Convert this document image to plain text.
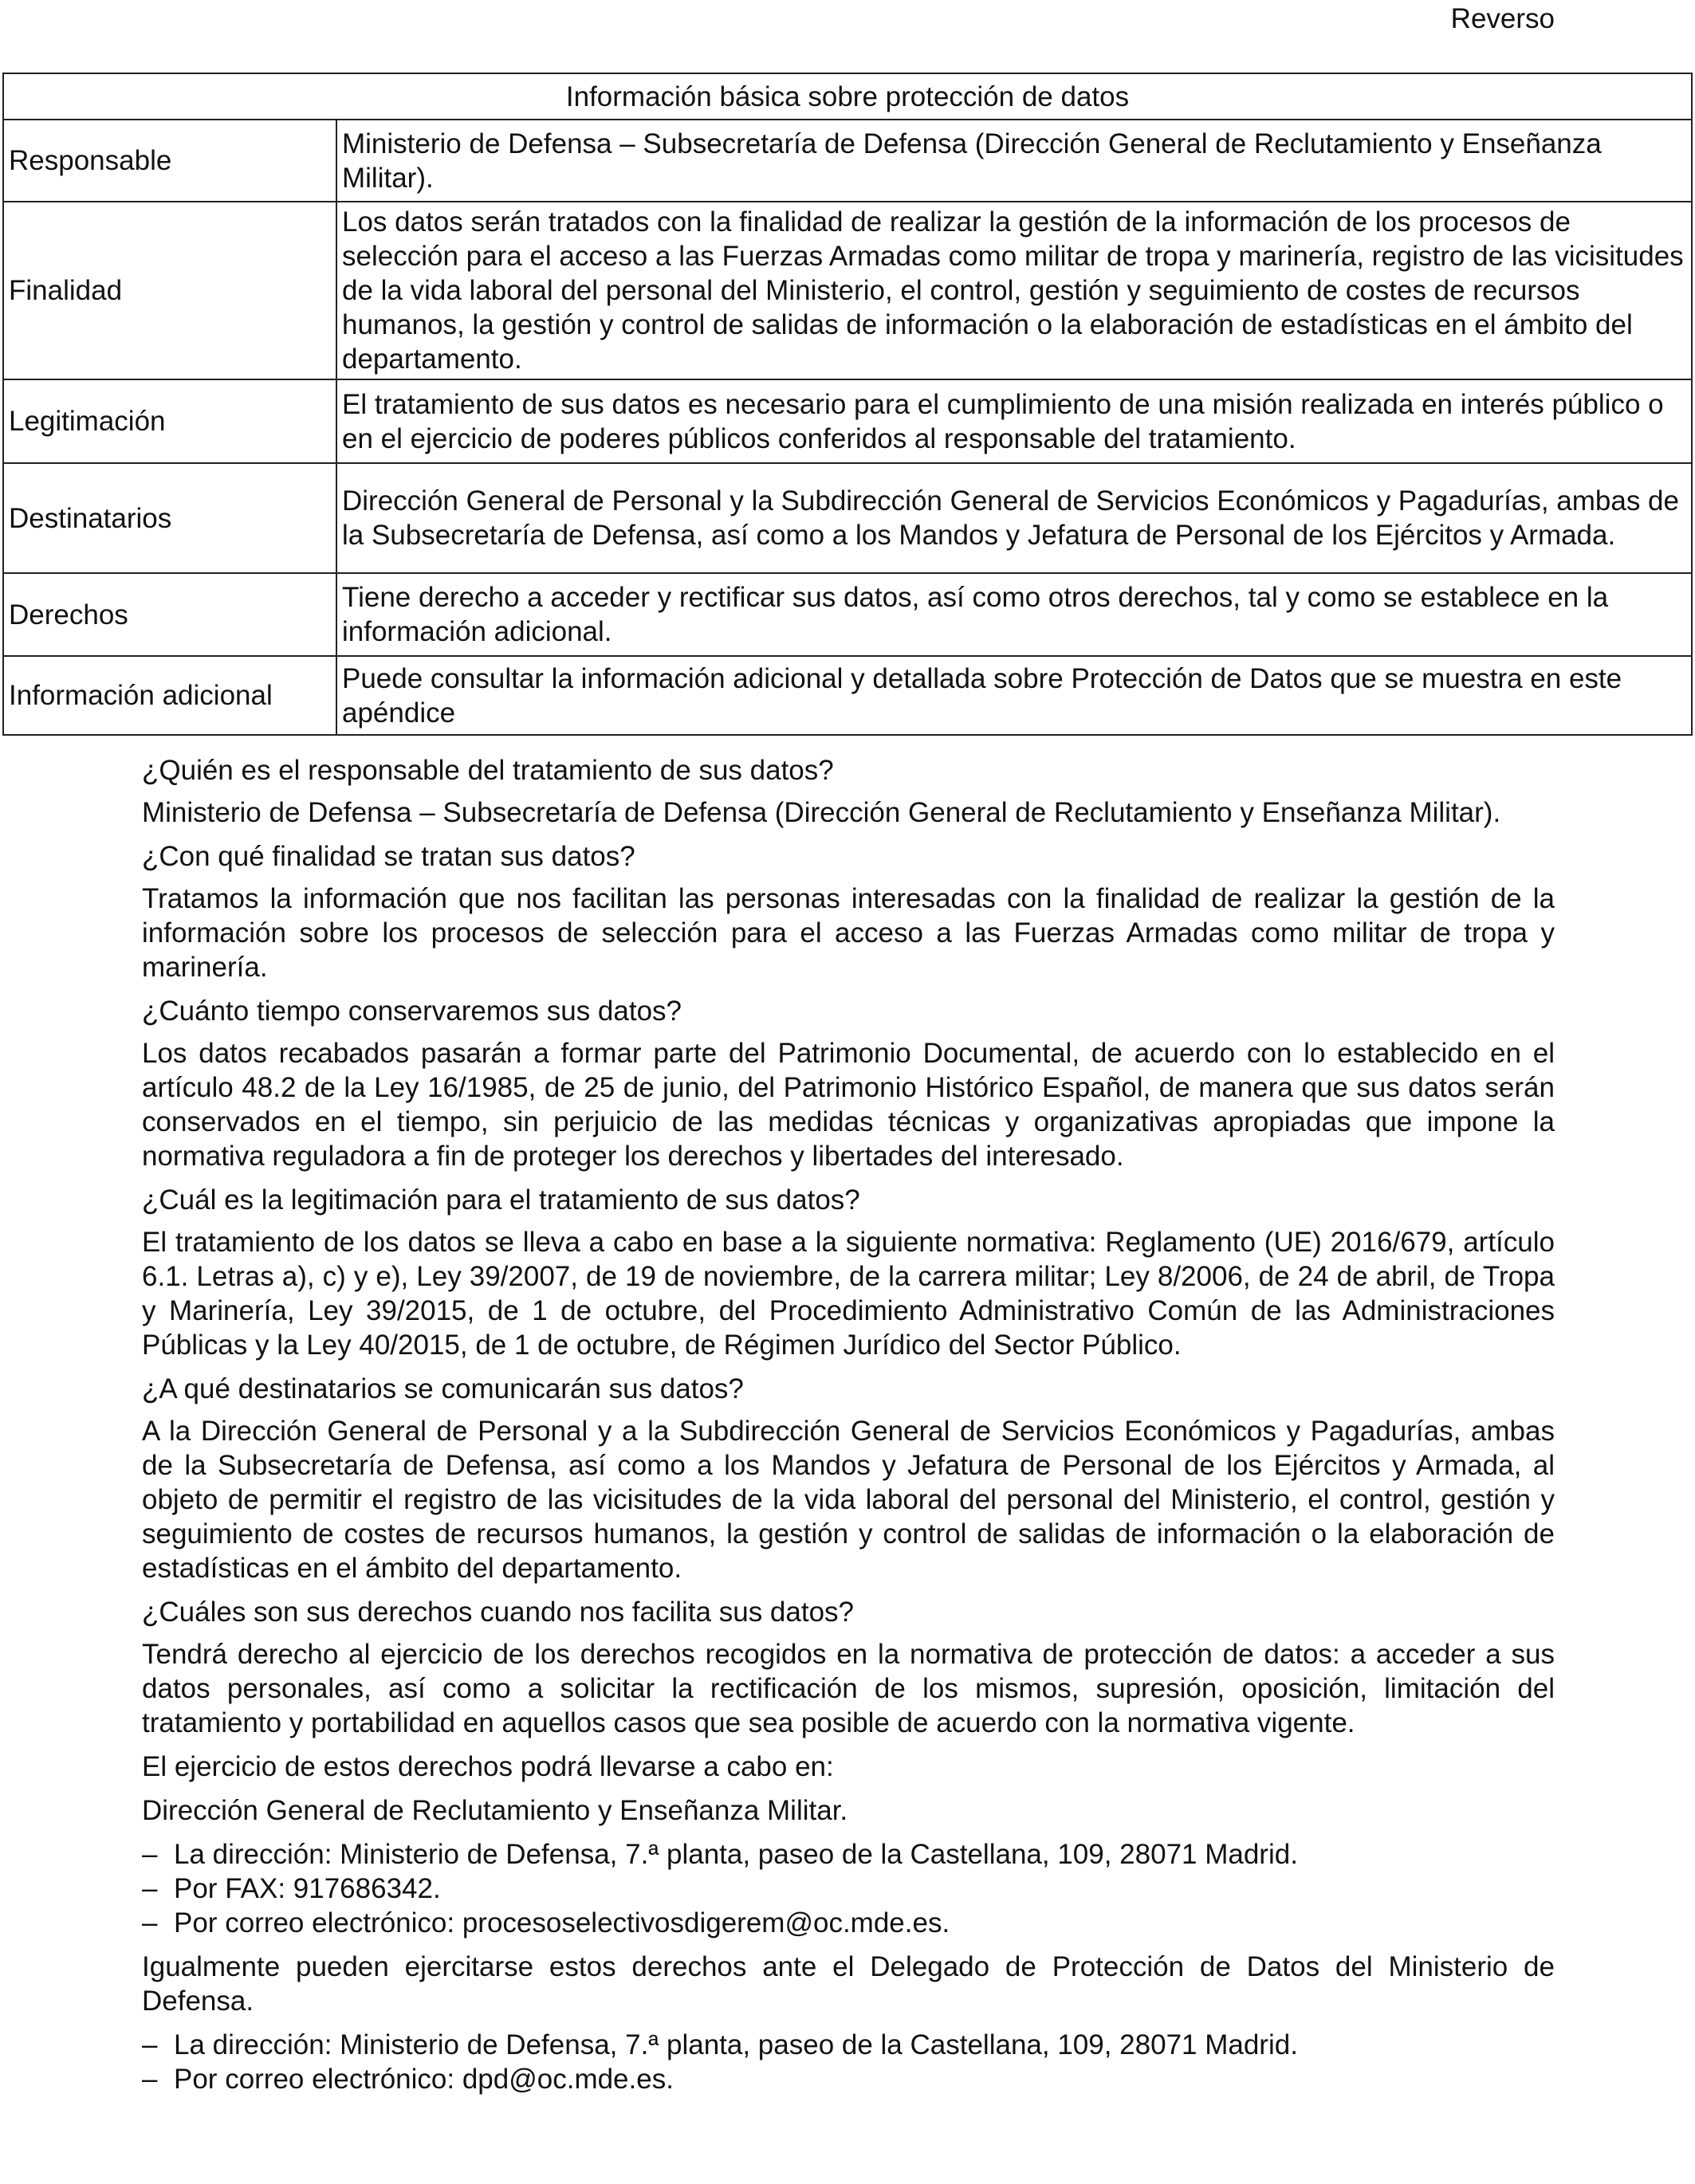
Reverso
Información básica sobre protección de datos	
Responsable	Ministerio de Defensa – Subsecretaría de Defensa (Dirección General de Reclutamiento y Enseñanza Militar).
Finalidad	Los datos serán tratados con la finalidad de realizar la gestión de la información de los procesos de selección para el acceso a las Fuerzas Armadas como militar de tropa y marinería, registro de las vicisitudes de la vida laboral del personal del Ministerio, el control, gestión y seguimiento de costes de recursos humanos, la gestión y control de salidas de información o la elaboración de estadísticas en el ámbito del departamento.
Legitimación	El tratamiento de sus datos es necesario para el cumplimiento de una misión realizada en interés público o en el ejercicio de poderes públicos conferidos al responsable del tratamiento.
Destinatarios	Dirección General de Personal y la Subdirección General de Servicios Económicos y Pagadurías, ambas de la Subsecretaría de Defensa, así como a los Mandos y Jefatura de Personal de los Ejércitos y Armada.
Derechos	Tiene derecho a acceder y rectificar sus datos, así como otros derechos, tal y como se establece en la información adicional.
Información adicional	Puede consultar la información adicional y detallada sobre Protección de Datos que se muestra en este apéndice

¿Quién es el responsable del tratamiento de sus datos?

Ministerio de Defensa – Subsecretaría de Defensa (Dirección General de Reclutamiento y Enseñanza Militar).

¿Con qué finalidad se tratan sus datos?

Tratamos la información que nos facilitan las personas interesadas con la finalidad de realizar la gestión de la información sobre los procesos de selección para el acceso a las Fuerzas Armadas como militar de tropa y marinería.

¿Cuánto tiempo conservaremos sus datos?

Los datos recabados pasarán a formar parte del Patrimonio Documental, de acuerdo con lo establecido en el artículo 48.2 de la Ley 16/1985, de 25 de junio, del Patrimonio Histórico Español, de manera que sus datos serán conservados en el tiempo, sin perjuicio de las medidas técnicas y organizativas apropiadas que impone la normativa reguladora a fin de proteger los derechos y libertades del interesado.

¿Cuál es la legitimación para el tratamiento de sus datos?

El tratamiento de los datos se lleva a cabo en base a la siguiente normativa: Reglamento (UE) 2016/679, artículo 6.1. Letras a), c) y e), Ley 39/2007, de 19 de noviembre, de la carrera militar; Ley 8/2006, de 24 de abril, de Tropa y Marinería, Ley 39/2015, de 1 de octubre, del Procedimiento Administrativo Común de las Administraciones Públicas y la Ley 40/2015, de 1 de octubre, de Régimen Jurídico del Sector Público.

¿A qué destinatarios se comunicarán sus datos?

A la Dirección General de Personal y a la Subdirección General de Servicios Económicos y Pagadurías, ambas de la Subsecretaría de Defensa, así como a los Mandos y Jefatura de Personal de los Ejércitos y Armada, al objeto de permitir el registro de las vicisitudes de la vida laboral del personal del Ministerio, el control, gestión y seguimiento de costes de recursos humanos, la gestión y control de salidas de información o la elaboración de estadísticas en el ámbito del departamento.

¿Cuáles son sus derechos cuando nos facilita sus datos?

Tendrá derecho al ejercicio de los derechos recogidos en la normativa de protección de datos: a acceder a sus datos personales, así como a solicitar la rectificación de los mismos, supresión, oposición, limitación del tratamiento y portabilidad en aquellos casos que sea posible de acuerdo con la normativa vigente.

El ejercicio de estos derechos podrá llevarse a cabo en:

Dirección General de Reclutamiento y Enseñanza Militar.

– La dirección: Ministerio de Defensa, 7.ª planta, paseo de la Castellana, 109, 28071 Madrid.
– Por FAX: 917686342.
– Por correo electrónico: procesoselectivosdigerem@oc.mde.es.

Igualmente pueden ejercitarse estos derechos ante el Delegado de Protección de Datos del Ministerio de Defensa.

– La dirección: Ministerio de Defensa, 7.ª planta, paseo de la Castellana, 109, 28071 Madrid.
– Por correo electrónico: dpd@oc.mde.es.
